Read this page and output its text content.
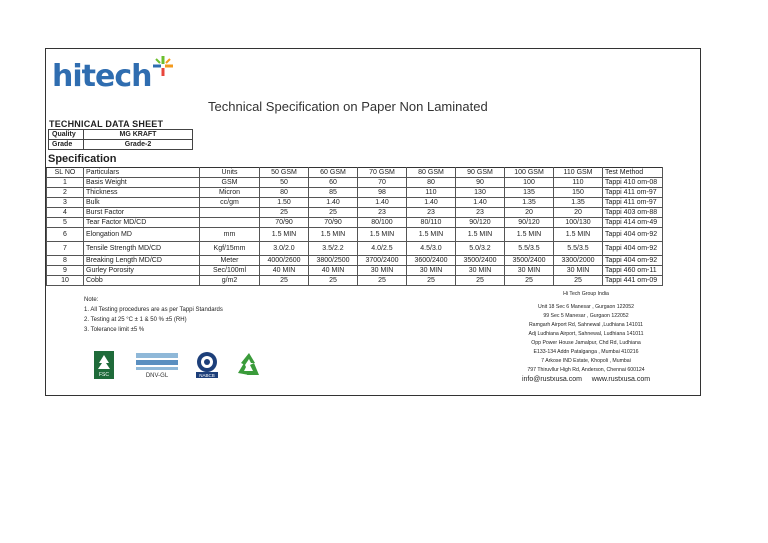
hitech
Technical Specification on Paper Non Laminated
TECHNICAL DATA SHEET
Quality	MG KRAFT
Grade	Grade-2
Specification
SL NO	Particulars	Units	50 GSM	60 GSM	70 GSM	80 GSM	90 GSM	100 GSM	110 GSM	Test Method
1	Basis Weight	GSM	50	60	70	80	90	100	110	Tappi 410 om-08
2	Thickness	Micron	80	85	98	110	130	135	150	Tappi 411 om-97
3	Bulk	cc/gm	1.50	1.40	1.40	1.40	1.40	1.35	1.35	Tappi 411 om-97
4	Burst Factor		25	25	23	23	23	20	20	Tappi 403 om-88
5	Tear Factor MD/CD		70/90	70/90	80/100	80/110	90/120	90/120	100/130	Tappi 414 om-49
6	Elongation MD	mm	1.5 MIN	1.5 MIN	1.5 MIN	1.5 MIN	1.5 MIN	1.5 MIN	1.5 MIN	Tappi 404 om-92
7	Tensile Strength MD/CD	Kgf/15mm	3.0/2.0	3.5/2.2	4.0/2.5	4.5/3.0	5.0/3.2	5.5/3.5	5.5/3.5	Tappi 404 om-92
8	Breaking Length MD/CD	Meter	4000/2600	3800/2500	3700/2400	3600/2400	3500/2400	3500/2400	3300/2000	Tappi 404 om-92
9	Gurley Porosity	Sec/100ml	40 MIN	40 MIN	30 MIN	30 MIN	30 MIN	30 MIN	30 MIN	Tappi 460 om-11
10	Cobb	g/m2	25	25	25	25	25	25	25	Tappi 441 om-09
Note:
1. All Testing procedures are as per Tappi Standards
2. Testing at 25 °C ± 1 & 50 % ±5 (RH)
3. Tolerance limit ±5 %
Hi Tech Group India
Unit 18 Sec 6 Manesar , Gurgaon 122052
99 Sec 5 Manesar , Gurgaon 122052
Ramgarh Airport Rd, Sahnewal ,Ludhiana 141011
Adj Ludhiana Airport, Sahnewal, Ludhiana 141011
Opp Power House Jamalpur, Chd Rd, Ludhiana
E133-134 Addn Patalganga , Mumbai 410216
7 Arkose IND Estate, Khopoli , Mumbai
797 Thiruvllur High Rd, Anderson, Chennai 600124
info@rustxusa.com www.rustxusa.com
FSC	DNV-GL	NABCB
